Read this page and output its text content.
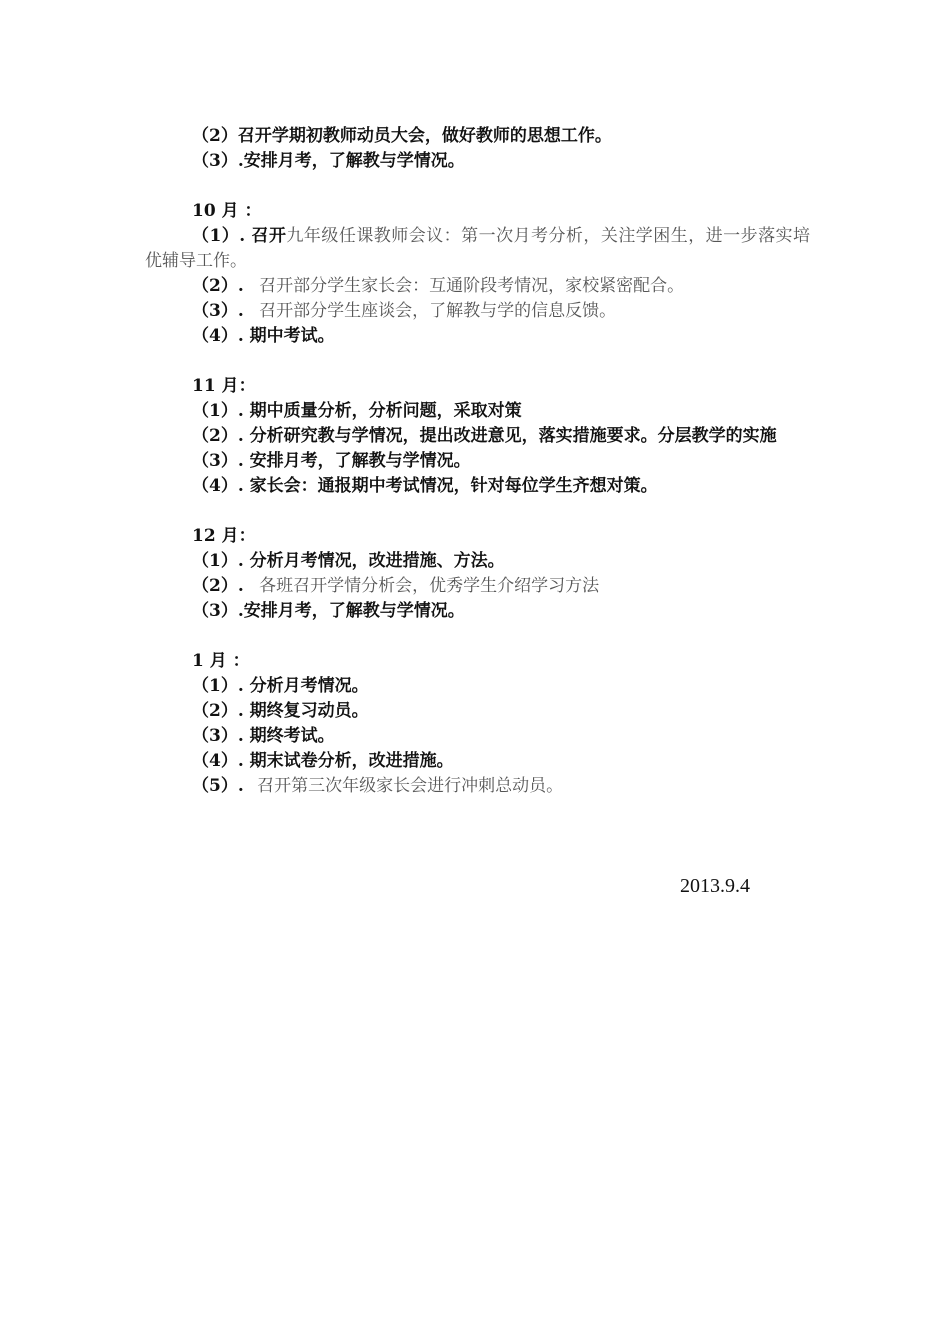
（2）召开学期初教师动员大会，做好教师的思想工作。
（3）.安排月考，了解教与学情况。
10 月 ：
（1）. 召开九年级任课教师会议：第一次月考分析，关注学困生，进一步落实培优辅导工作。
（2）. 召开部分学生家长会：互通阶段考情况，家校紧密配合。
（3）. 召开部分学生座谈会，了解教与学的信息反馈。
（4）. 期中考试。
11 月：
（1）. 期中质量分析，分析问题，采取对策
（2）. 分析研究教与学情况，提出改进意见，落实措施要求。分层教学的实施
（3）. 安排月考，了解教与学情况。
（4）. 家长会：通报期中考试情况，针对每位学生齐想对策。
12 月：
（1）. 分析月考情况，改进措施、方法。
（2）. 各班召开学情分析会，优秀学生介绍学习方法
（3）.安排月考，了解教与学情况。
1 月 ：
（1）. 分析月考情况。
（2）. 期终复习动员。
（3）. 期终考试。
（4）. 期末试卷分析，改进措施。
（5）. 召开第三次年级家长会进行冲刺总动员。
2013.9.4
